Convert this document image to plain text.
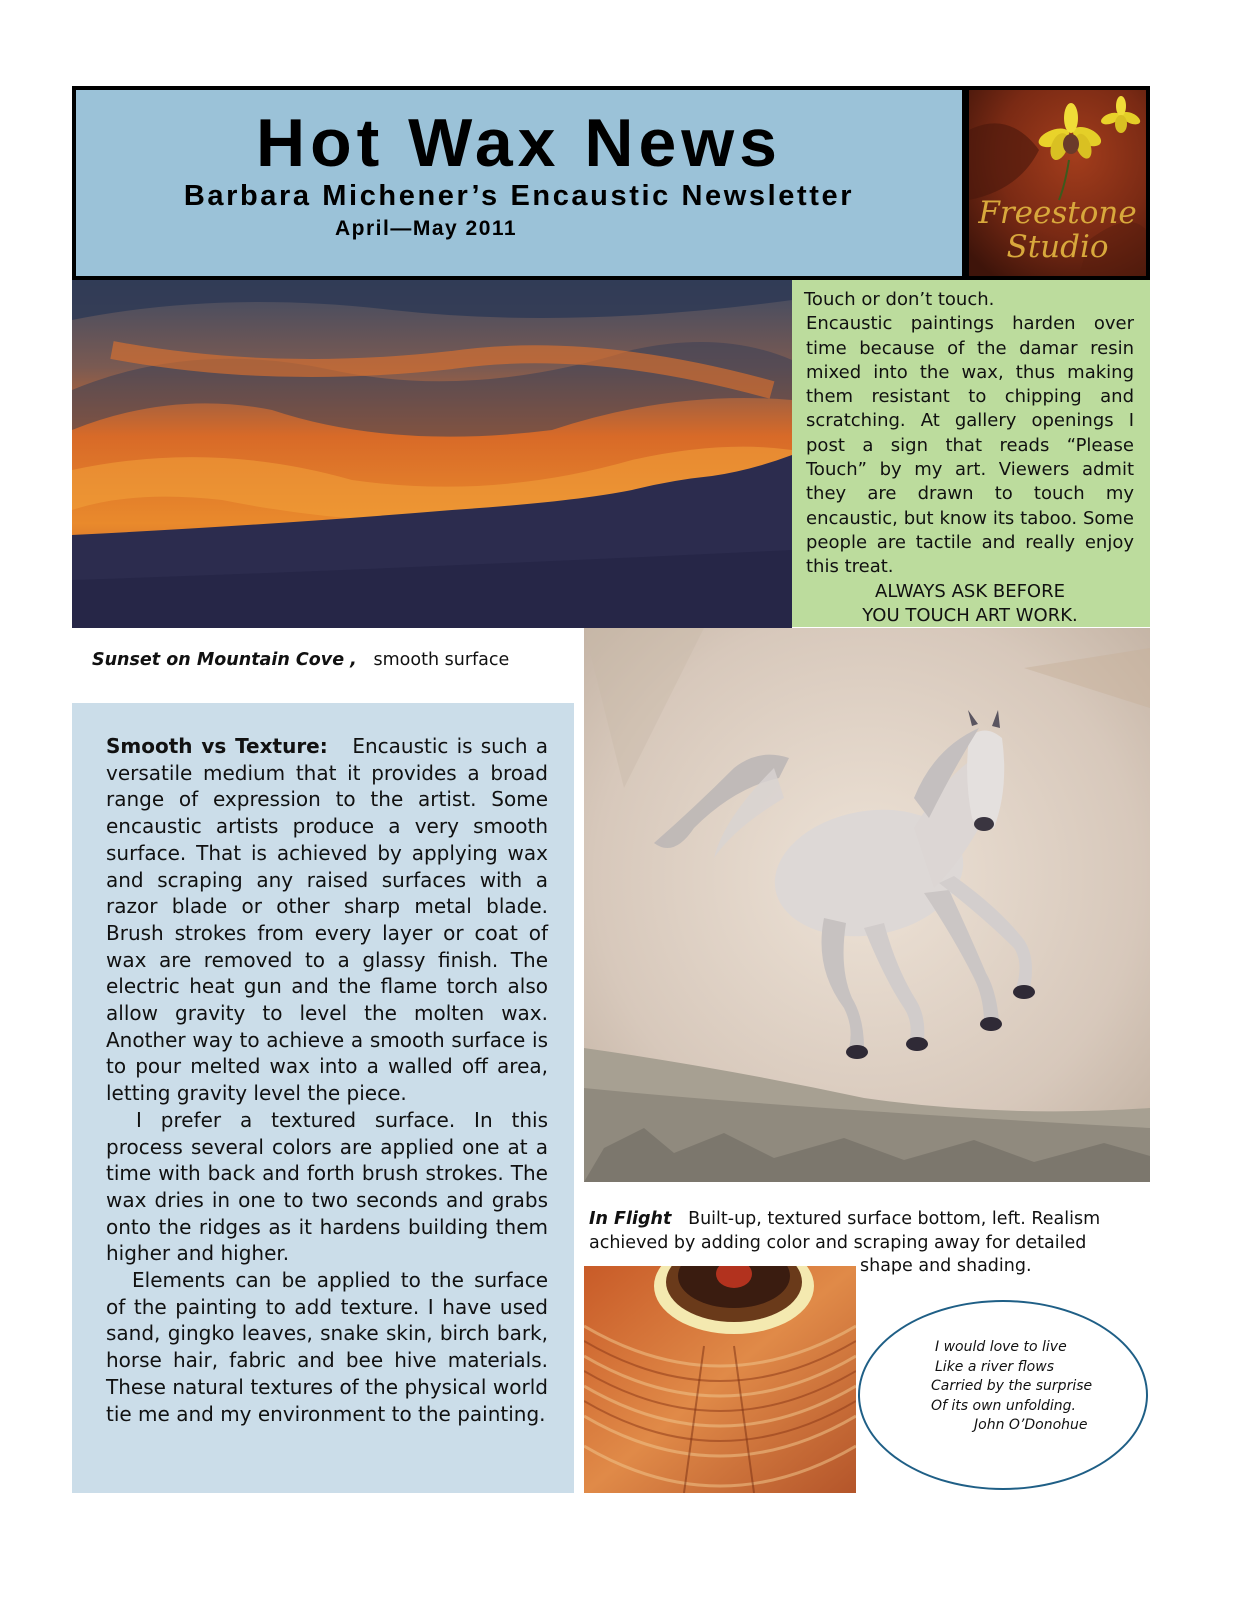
Hot Wax News
Barbara Michener’s Encaustic Newsletter
April—May 2011	Freestone
Studio
Touch or don’t touch.
Encaustic paintings harden over time because of the damar resin mixed into the wax, thus making them resistant to chipping and scratching. At gallery openings I post a sign that reads “Please Touch” by my art. Viewers admit they are drawn to touch my encaustic, but know its taboo. Some people are tactile and really enjoy this treat.
ALWAYS ASK BEFORE
YOU TOUCH ART WORK.
Sunset on Mountain Cove , smooth surface

Smooth vs Texture: Encaustic is such a versatile medium that it provides a broad range of expression to the artist. Some encaustic artists produce a very smooth surface. That is achieved by applying wax and scraping any raised surfaces with a razor blade or other sharp metal blade. Brush strokes from every layer or coat of wax are removed to a glassy finish. The electric heat gun and the flame torch also allow gravity to level the molten wax. Another way to achieve a smooth surface is to pour melted wax into a walled off area, letting gravity level the piece.

I prefer a textured surface. In this process several colors are applied one at a time with back and forth brush strokes. The wax dries in one to two seconds and grabs onto the ridges as it hardens building them higher and higher.

Elements can be applied to the surface of the painting to add texture. I have used sand, gingko leaves, snake skin, birch bark, horse hair, fabric and bee hive materials. These natural textures of the physical world tie me and my environment to the painting.

In Flight Built-up, textured surface bottom, left. Realism achieved by adding color and scraping away for detailed
shape and shading.
I would love to live
Like a river flows
Carried by the surprise
Of its own unfolding.
John O’Donohue
